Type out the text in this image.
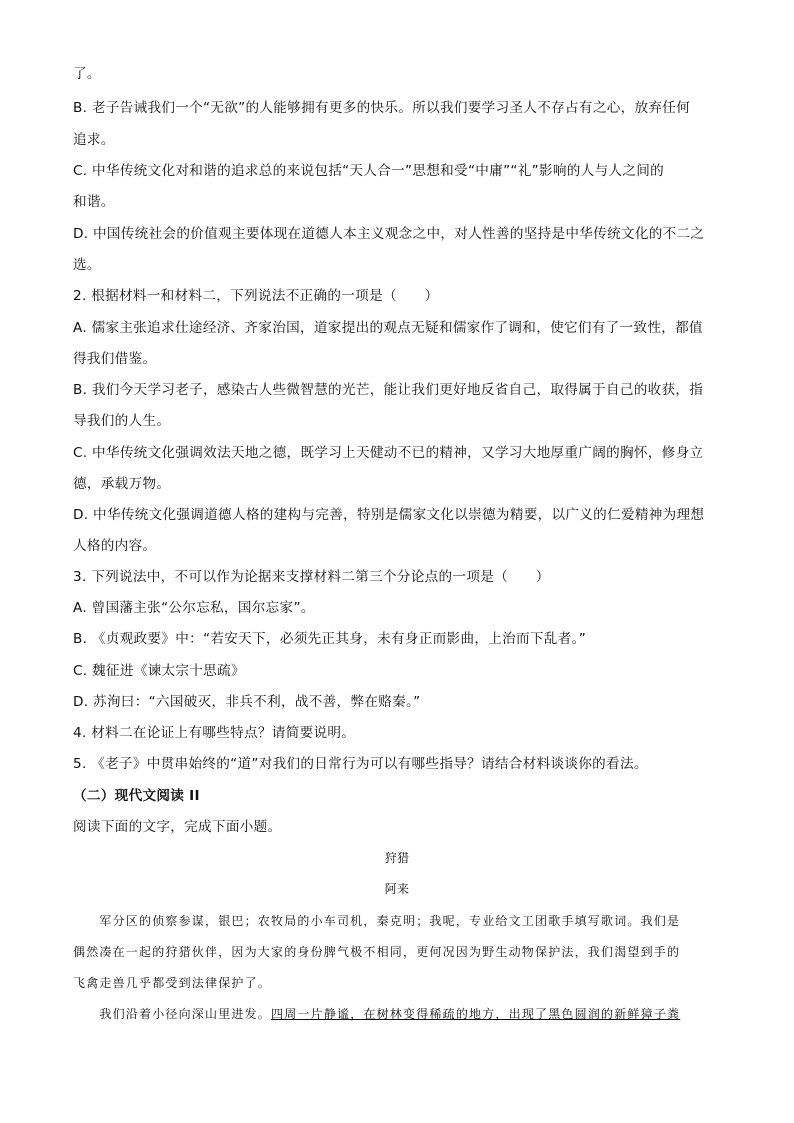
了。
B. 老子告诫我们一个“无欲”的人能够拥有更多的快乐。所以我们要学习圣人不存占有之心，放弃任何
追求。
C. 中华传统文化对和谐的追求总的来说包括“天人合一”思想和受“中庸”“礼”影响的人与人之间的
和谐。
D. 中国传统社会的价值观主要体现在道德人本主义观念之中，对人性善的坚持是中华传统文化的不二之
选。
2. 根据材料一和材料二，下列说法不正确的一项是（　　）
A. 儒家主张追求仕途经济、齐家治国，道家提出的观点无疑和儒家作了调和，使它们有了一致性，都值
得我们借鉴。
B. 我们今天学习老子，感染古人些微智慧的光芒，能让我们更好地反省自己，取得属于自己的收获，指
导我们的人生。
C. 中华传统文化强调效法天地之德，既学习上天健动不已的精神，又学习大地厚重广阔的胸怀，修身立
德，承载万物。
D. 中华传统文化强调道德人格的建构与完善，特别是儒家文化以崇德为精要，以广义的仁爱精神为理想
人格的内容。
3. 下列说法中，不可以作为论据来支撑材料二第三个分论点的一项是（　　）
A. 曾国藩主张“公尔忘私，国尔忘家”。
B. 《贞观政要》中：“若安天下，必须先正其身，未有身正而影曲，上治而下乱者。”
C. 魏征进《谏太宗十思疏》
D. 苏洵曰：“六国破灭，非兵不利，战不善，弊在赂秦。”
4. 材料二在论证上有哪些特点？请简要说明。
5. 《老子》中贯串始终的“道”对我们的日常行为可以有哪些指导？请结合材料谈谈你的看法。
（二）现代文阅读 II
阅读下面的文字，完成下面小题。
狩猎
阿来
　　军分区的侦察参谋，银巴；农牧局的小车司机，秦克明；我呢，专业给文工团歌手填写歌词。我们是
偶然凑在一起的狩猎伙伴，因为大家的身份脾气极不相同，更何况因为野生动物保护法，我们渴望到手的
飞禽走兽几乎都受到法律保护了。
　　我们沿着小径向深山里进发。四周一片静谧，在树林变得稀疏的地方，出现了黑色圆润的新鲜獐子粪
